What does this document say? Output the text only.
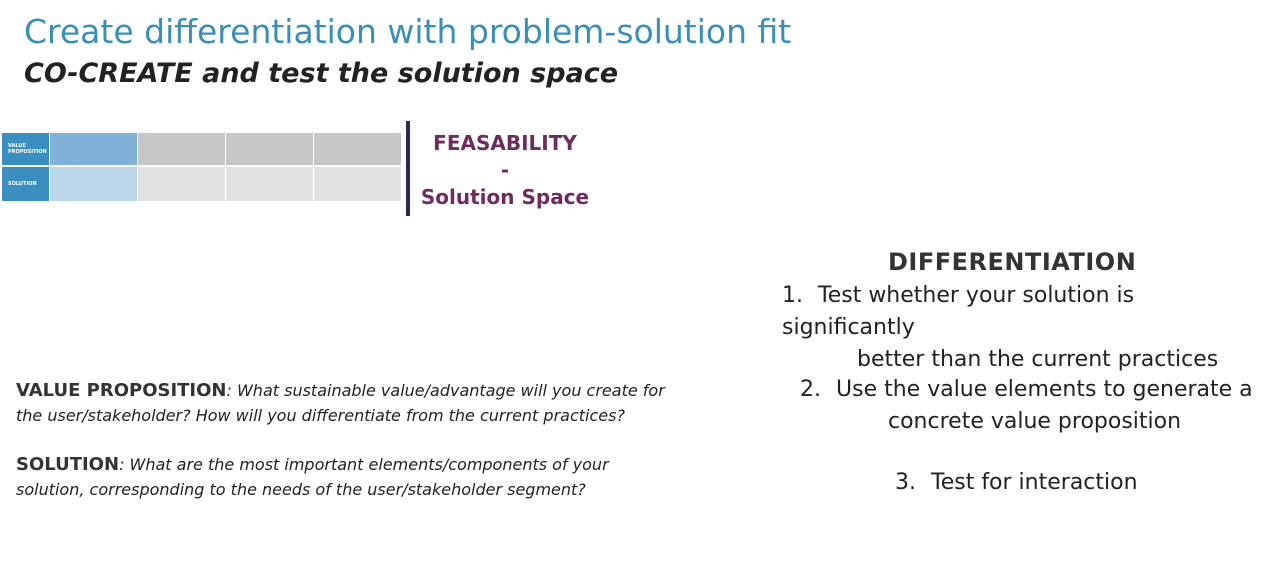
Create differentiation with problem-solution fit
CO-CREATE and test the solution space
VALUE PROPOSITION
SOLUTION
FEASABILITY
-
Solution Space

VALUE PROPOSITION: What sustainable value/advantage will you create for the user/stakeholder? How will you differentiate from the current practices?

SOLUTION: What are the most important elements/components of your solution, corresponding to the needs of the user/stakeholder segment?

DIFFERENTIATION
1. Test whether your solution is significantly
better than the current practices
2. Use the value elements to generate a
concrete value proposition
3. Test for interaction
